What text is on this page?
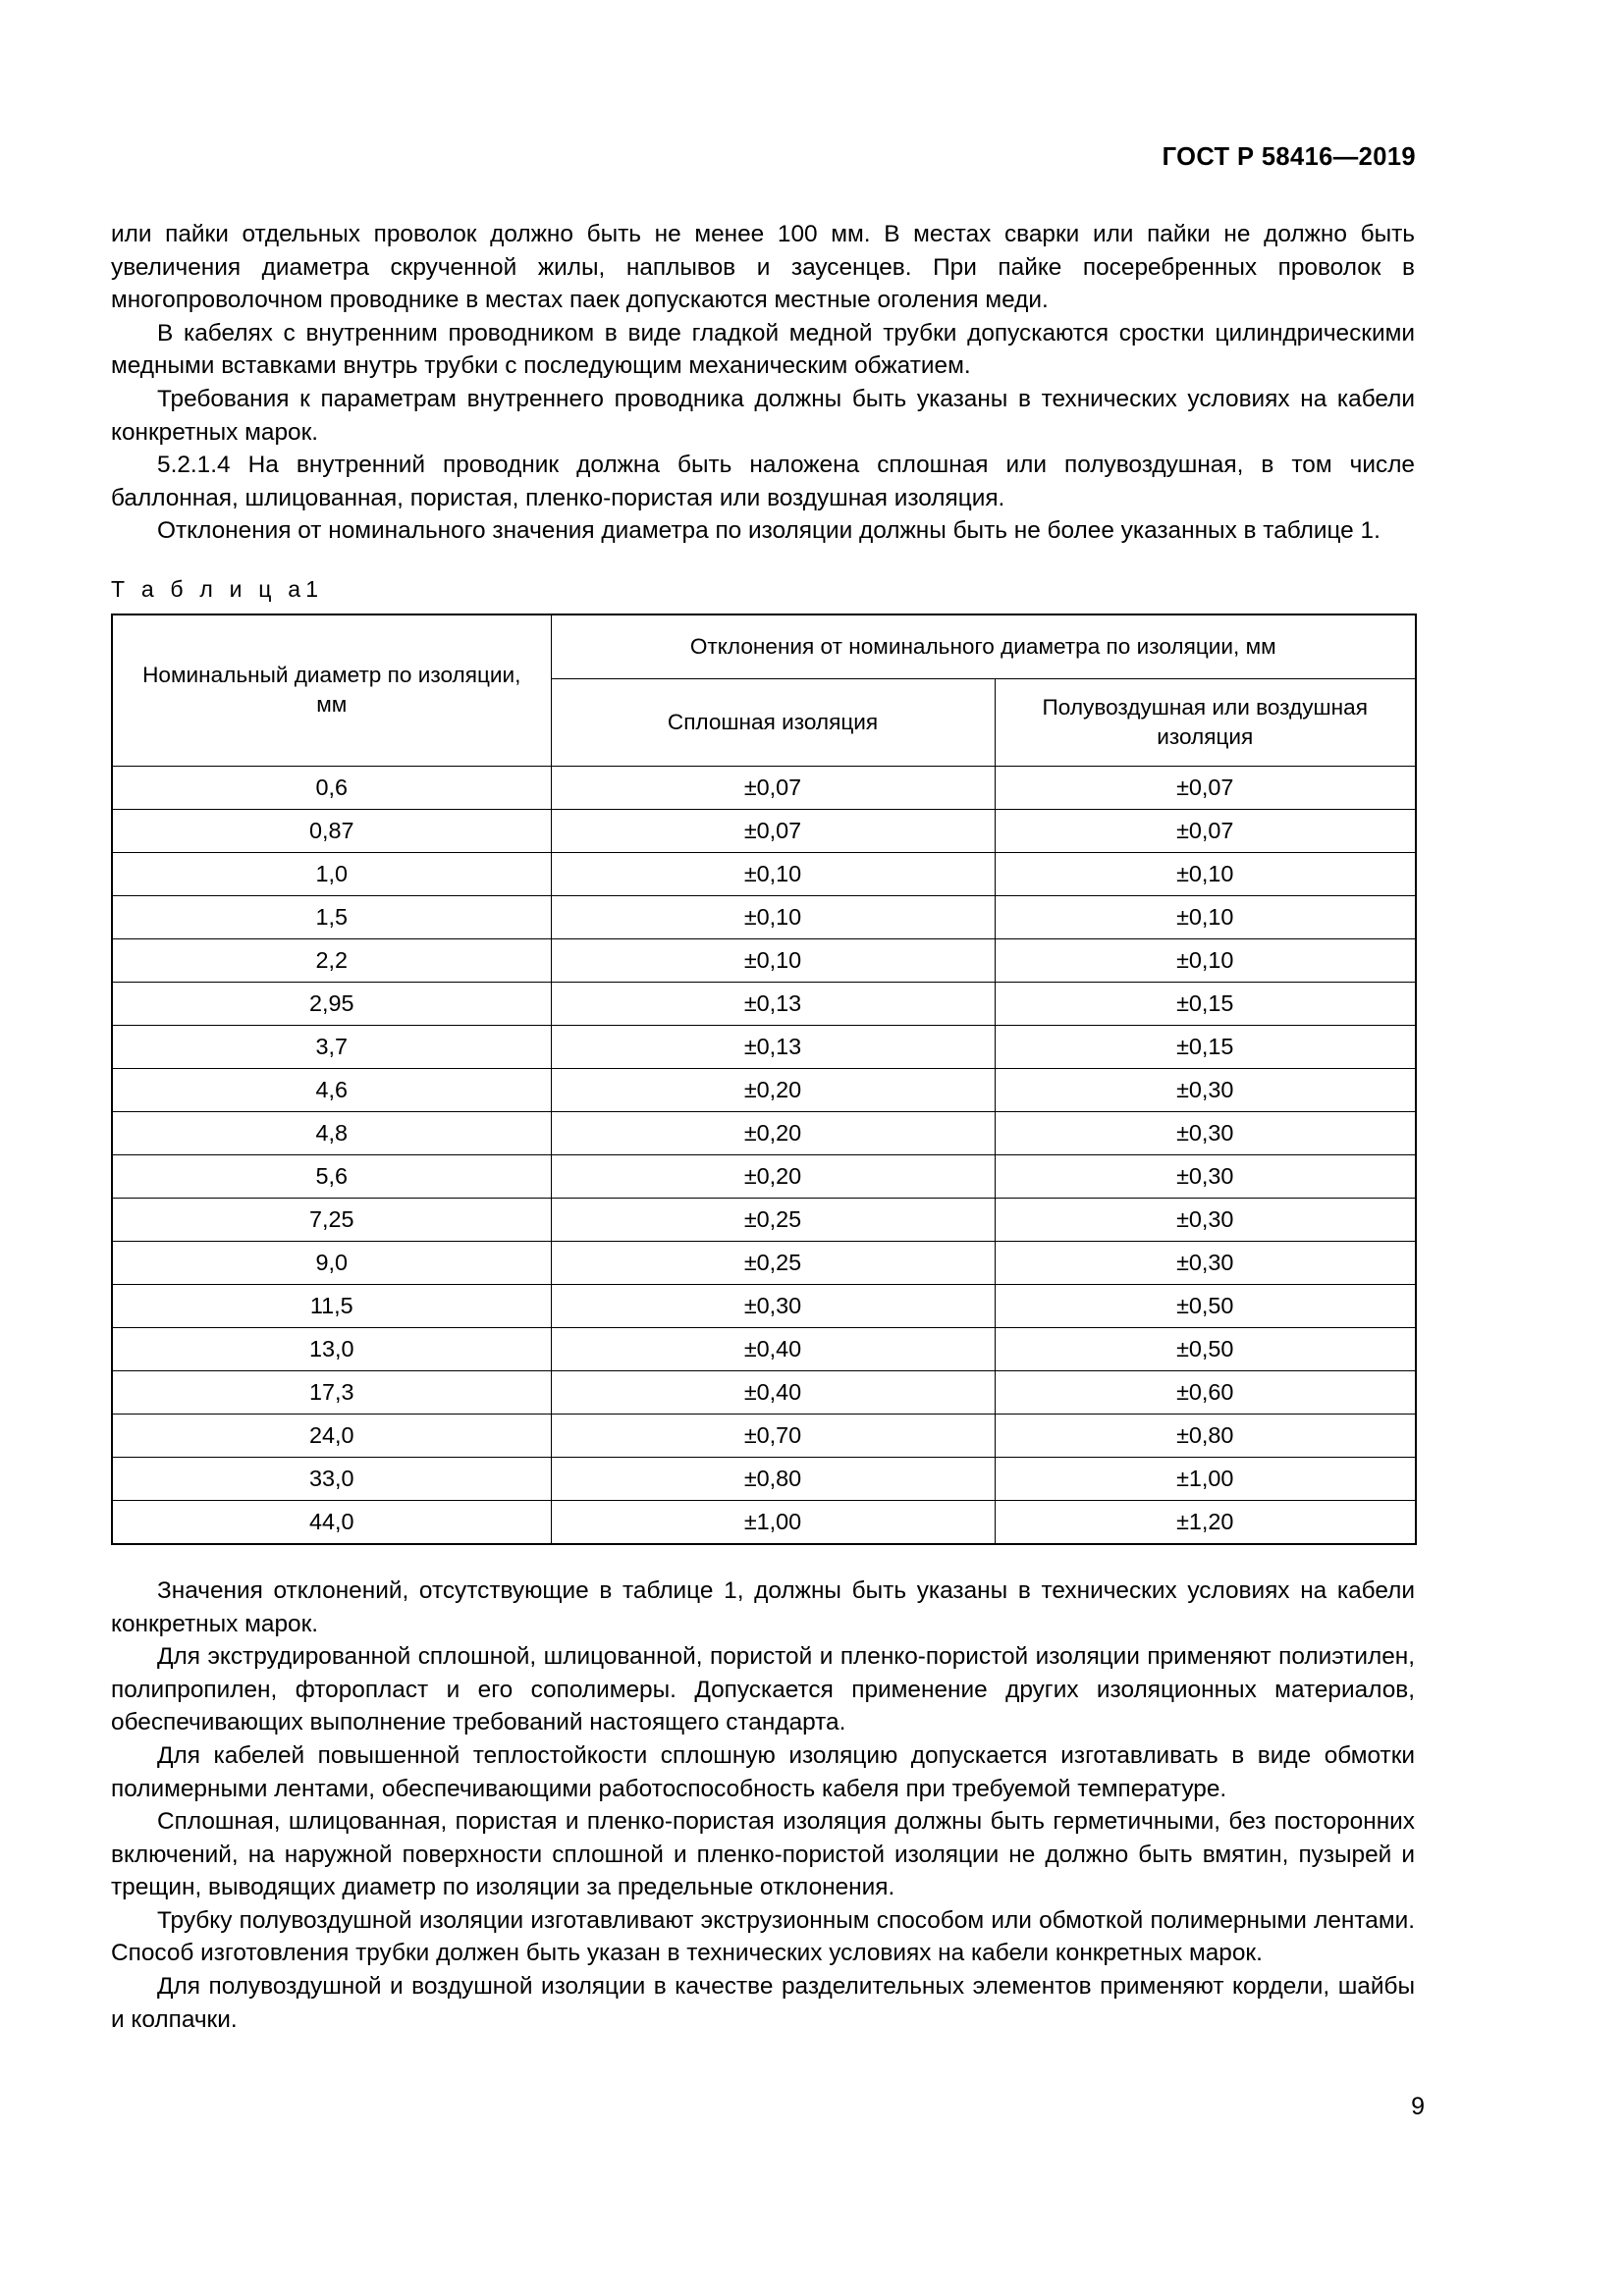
ГОСТ Р 58416—2019

или пайки отдельных проволок должно быть не менее 100 мм. В местах сварки или пайки не должно быть увеличения диаметра скрученной жилы, наплывов и заусенцев. При пайке посеребренных проволок в многопроволочном проводнике в местах паек допускаются местные оголения меди.

В кабелях с внутренним проводником в виде гладкой медной трубки допускаются сростки цилиндрическими медными вставками внутрь трубки с последующим механическим обжатием.

Требования к параметрам внутреннего проводника должны быть указаны в технических условиях на кабели конкретных марок.

5.2.1.4 На внутренний проводник должна быть наложена сплошная или полувоздушная, в том числе баллонная, шлицованная, пористая, пленко-пористая или воздушная изоляция.

Отклонения от номинального значения диаметра по изоляции должны быть не более указанных в таблице 1.

Т а б л и ц а1
Номинальный диаметр по изоляции, мм	Отклонения от номинального диаметра по изоляции, мм	
	Сплошная изоляция	Полувоздушная или воздушная изоляция
0,6	±0,07	±0,07
0,87	±0,07	±0,07
1,0	±0,10	±0,10
1,5	±0,10	±0,10
2,2	±0,10	±0,10
2,95	±0,13	±0,15
3,7	±0,13	±0,15
4,6	±0,20	±0,30
4,8	±0,20	±0,30
5,6	±0,20	±0,30
7,25	±0,25	±0,30
9,0	±0,25	±0,30
11,5	±0,30	±0,50
13,0	±0,40	±0,50
17,3	±0,40	±0,60
24,0	±0,70	±0,80
33,0	±0,80	±1,00
44,0	±1,00	±1,20

Значения отклонений, отсутствующие в таблице 1, должны быть указаны в технических условиях на кабели конкретных марок.

Для экструдированной сплошной, шлицованной, пористой и пленко-пористой изоляции применяют полиэтилен, полипропилен, фторопласт и его сополимеры. Допускается применение других изоляционных материалов, обеспечивающих выполнение требований настоящего стандарта.

Для кабелей повышенной теплостойкости сплошную изоляцию допускается изготавливать в виде обмотки полимерными лентами, обеспечивающими работоспособность кабеля при требуемой температуре.

Сплошная, шлицованная, пористая и пленко-пористая изоляция должны быть герметичными, без посторонних включений, на наружной поверхности сплошной и пленко-пористой изоляции не должно быть вмятин, пузырей и трещин, выводящих диаметр по изоляции за предельные отклонения.

Трубку полувоздушной изоляции изготавливают экструзионным способом или обмоткой полимерными лентами. Способ изготовления трубки должен быть указан в технических условиях на кабели конкретных марок.

Для полувоздушной и воздушной изоляции в качестве разделительных элементов применяют кордели, шайбы и колпачки.

9
